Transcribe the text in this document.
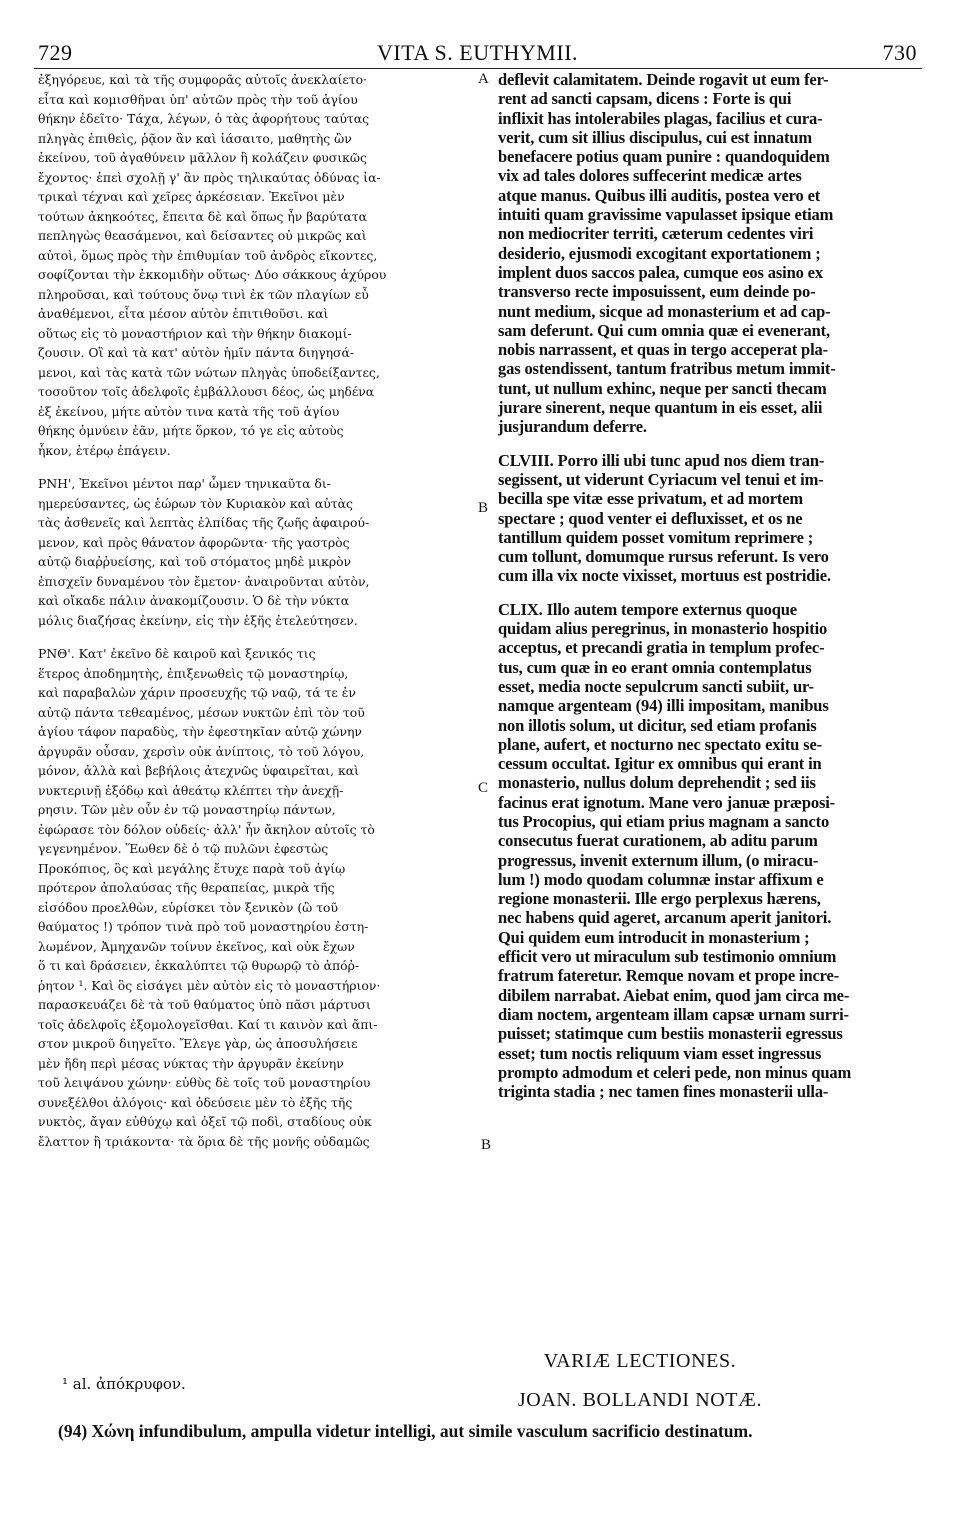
729	VITA S. EUTHYMII.	730
ἐξηγόρευε, καὶ τὰ τῆς συμφορᾶς αὐτοῖς ἀνεκλαίετο·
εἶτα καὶ κομισθῆναι ὑπ' αὐτῶν πρὸς τὴν τοῦ ἁγίου
θήκην ἐδεῖτο· Τάχα, λέγων, ὁ τὰς ἀφορήτους ταύτας
πληγὰς ἐπιθεὶς, ῥᾷον ἂν καὶ ἰάσαιτο, μαθητὴς ὢν
ἐκείνου, τοῦ ἀγαθύνειν μᾶλλον ἢ κολάζειν φυσικῶς
ἔχοντος· ἐπεὶ σχολῇ γ' ἂν πρὸς τηλικαύτας ὀδύνας ἰα-
τρικαὶ τέχναι καὶ χεῖρες ἀρκέσειαν. Ἐκεῖνοι μὲν
τούτων ἀκηκοότες, ἔπειτα δὲ καὶ ὅπως ἦν βαρύτατα
πεπληγὼς θεασάμενοι, καὶ δείσαντες οὐ μικρῶς καὶ
αὐτοὶ, ὅμως πρὸς τὴν ἐπιθυμίαν τοῦ ἀνδρὸς εἴκοντες,
σοφίζονται τὴν ἐκκομιδὴν οὕτως· Δύο σάκκους ἀχύρου
πληροῦσαι, καὶ τούτους ὄνῳ τινὶ ἐκ τῶν πλαγίων εὖ
ἀναθέμενοι, εἶτα μέσον αὐτὸν ἐπιτιθοῦσι. καὶ
οὕτως εἰς τὸ μοναστήριον καὶ τὴν θήκην διακομί-
ζουσιν. Οἳ καὶ τὰ κατ' αὐτὸν ἡμῖν πάντα διηγησά-
μενοι, καὶ τὰς κατὰ τῶν νώτων πληγὰς ὑποδείξαντες,
τοσοῦτον τοῖς ἀδελφοῖς ἐμβάλλουσι δέος, ὡς μηδένα
ἐξ ἐκείνου, μήτε αὐτὸν τινα κατὰ τῆς τοῦ ἁγίου
θήκης ὀμνύειν ἐᾶν, μήτε ὅρκον, τό γε εἰς αὐτοὺς
ἧκον, ἑτέρῳ ἐπάγειν.
ΡΝΗ', Ἐκεῖνοι μέντοι παρ' ὧμεν τηνικαῦτα δι-
ημερεύσαντες, ὡς ἑώρων τὸν Κυριακὸν καὶ αὐτὰς
τὰς ἀσθενεῖς καὶ λεπτὰς ἐλπίδας τῆς ζωῆς ἀφαιρού-
μενον, καὶ πρὸς θάνατον ἀφορῶντα· τῆς γαστρὸς
αὐτῷ διαῤῥυείσης, καὶ τοῦ στόματος μηδὲ μικρὸν
ἐπισχεῖν δυναμένου τὸν ἔμετον· ἀναιροῦνται αὐτὸν,
καὶ οἴκαδε πάλιν ἀνακομίζουσιν. Ὁ δὲ τὴν νύκτα
μόλις διαζήσας ἐκείνην, εἰς τὴν ἑξῆς ἐτελεύτησεν.
ΡΝΘ'. Κατ' ἐκεῖνο δὲ καιροῦ καὶ ξενικός τις
ἕτερος ἀποδημητὴς, ἐπιξενωθεὶς τῷ μοναστηρίῳ,
καὶ παραβαλὼν χάριν προσευχῆς τῷ ναῷ, τά τε ἐν
αὐτῷ πάντα τεθεαμένος, μέσων νυκτῶν ἐπὶ τὸν τοῦ
ἁγίου τάφον παραδὺς, τὴν ἐφεστηκῖαν αὐτῷ χώνην
ἀργυρᾶν οὖσαν, χερσὶν οὐκ ἀνίπτοις, τὸ τοῦ λόγου,
μόνον, ἀλλὰ καὶ βεβήλοις ἀτεχνῶς ὑφαιρεῖται, καὶ
νυκτερινῇ ἐξόδῳ καὶ ἀθεάτῳ κλέπτει τὴν ἀνεχῇ-
ρησιν. Τῶν μὲν οὖν ἐν τῷ μοναστηρίῳ πάντων,
ἐφώρασε τὸν δόλον οὐδείς· ἀλλ' ἦν ἄκηλον αὐτοῖς τὸ
γεγενημένον. Ἕωθεν δὲ ὁ τῷ πυλῶνι ἐφεστὼς
Προκόπιος, ὃς καὶ μεγάλης ἔτυχε παρὰ τοῦ ἁγίῳ
πρότερον ἀπολαύσας τῆς θεραπείας, μικρὰ τῆς
εἰσόδου προελθὼν, εὑρίσκει τὸν ξενικὸν (ὢ τοῦ
θαύματος !) τρόπον τινὰ πρὸ τοῦ μοναστηρίου ἐστη-
λωμένον, Ἀμηχανῶν τοίνυν ἐκεῖνος, καὶ οὐκ ἔχων
ὅ τι καὶ δράσειεν, ἐκκαλύπτει τῷ θυρωρῷ τὸ ἀπόῤ-
ῥητον ¹. Καὶ ὃς εἰσάγει μὲν αὐτὸν εἰς τὸ μοναστήριον·
παρασκευάζει δὲ τὰ τοῦ θαύματος ὑπὸ πᾶσι μάρτυσι
τοῖς ἀδελφοῖς ἐξομολογεῖσθαι. Καί τι καινὸν καὶ ἄπι-
στον μικροῦ διηγεῖτο. Ἔλεγε γὰρ, ὡς ἀποσυλήσειε
μὲν ἤδη περὶ μέσας νύκτας τὴν ἀργυρᾶν ἐκείνην
τοῦ λειψάνου χώνην· εὐθὺς δὲ τοῖς τοῦ μοναστηρίου
συνεξέλθοι ἀλόγοις· καὶ ὁδεύσειε μὲν τὸ ἐξῆς τῆς
νυκτὸς, ἄγαν εὐθύχῳ καὶ ὀξεῖ τῷ ποδὶ, σταδίους οὐκ
ἔλαττον ἢ τριάκοντα· τὰ ὅρια δὲ τῆς μονῆς οὐδαμῶς
deflevit calamitatem. Deinde rogavit ut eum fer-
rent ad sancti capsam, dicens : Forte is qui
inflixit has intolerabiles plagas, facilius et cura-
verit, cum sit illius discipulus, cui est innatum
benefacere potius quam punire : quandoquidem
vix ad tales dolores suffecerint medicæ artes
atque manus. Quibus illi auditis, postea vero et
intuiti quam gravissime vapulasset ipsique etiam
non mediocriter territi, cæterum cedentes viri
desiderio, ejusmodi excogitant exportationem ;
implent duos saccos palea, cumque eos asino ex
transverso recte imposuissent, eum deinde po-
nunt medium, sicque ad monasterium et ad cap-
sam deferunt. Qui cum omnia quæ ei evenerant,
nobis narrassent, et quas in tergo acceperat pla-
gas ostendissent, tantum fratribus metum immit-
tunt, ut nullum exhinc, neque per sancti thecam
jurare sinerent, neque quantum in eis esset, alii
jusjurandum deferre.
CLVIII. Porro illi ubi tunc apud nos diem tran-
segissent, ut viderunt Cyriacum vel tenui et im-
becilla spe vitæ esse privatum, et ad mortem
spectare ; quod venter ei defluxisset, et os ne
tantillum quidem posset vomitum reprimere ;
cum tollunt, domumque rursus referunt. Is vero
cum illa vix nocte vixisset, mortuus est postridie.
CLIX. Illo autem tempore externus quoque
quidam alius peregrinus, in monasterio hospitio
acceptus, et precandi gratia in templum profec-
tus, cum quæ in eo erant omnia contemplatus
esset, media nocte sepulcrum sancti subiit, ur-
namque argenteam (94) illi impositam, manibus
non illotis solum, ut dicitur, sed etiam profanis
plane, aufert, et nocturno nec spectato exitu se-
cessum occultat. Igitur ex omnibus qui erant in
monasterio, nullus dolum deprehendit ; sed iis
facinus erat ignotum. Mane vero januæ præposi-
tus Procopius, qui etiam prius magnam a sancto
consecutus fuerat curationem, ab aditu parum
progressus, invenit externum illum, (o miracu-
lum !) modo quodam columnæ instar affixum e
regione monasterii. Ille ergo perplexus hærens,
nec habens quid ageret, arcanum aperit janitori.
Qui quidem eum introducit in monasterium ;
efficit vero ut miraculum sub testimonio omnium
fratrum fateretur. Remque novam et prope incre-
dibilem narrabat. Aiebat enim, quod jam circa me-
diam noctem, argenteam illam capsæ urnam surri-
puisset; statimque cum bestiis monasterii egressus
esset; tum noctis reliquum viam esset ingressus
prompto admodum et celeri pede, non minus quam
triginta stadia ; nec tamen fines monasterii ulla-
A
B
C
B
¹ al. ἀπόκρυφον.
VARIÆ LECTIONES.
JOAN. BOLLANDI NOTÆ.
(94) Χώνη infundibulum, ampulla videtur intelligi, aut simile vasculum sacrificio destinatum.
